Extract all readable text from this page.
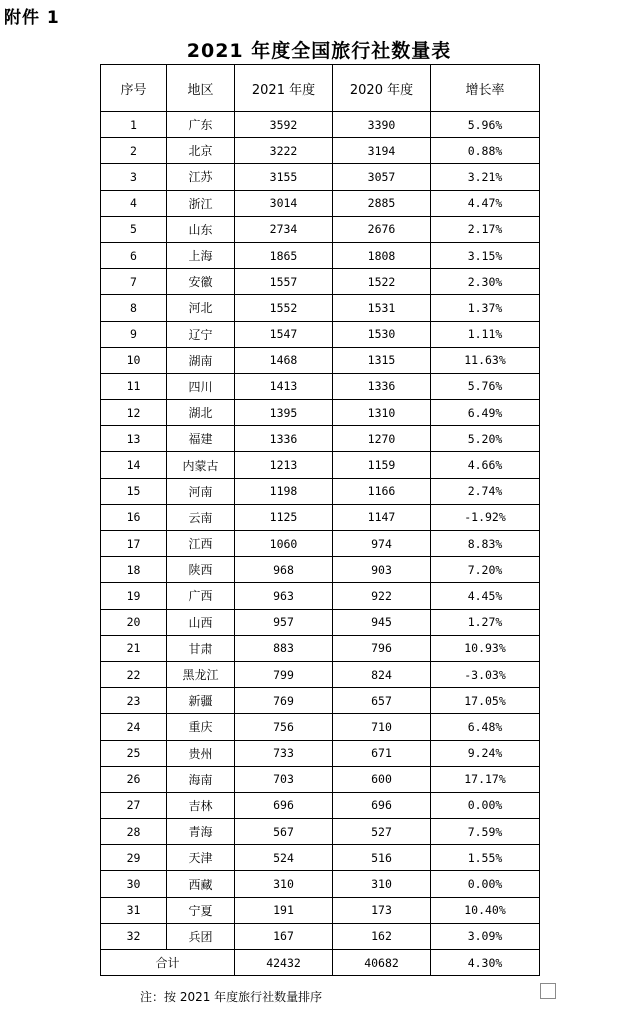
附件 1
2021 年度全国旅行社数量表
序号	地区	2021 年度	2020 年度	增长率
1	广东	3592	3390	5.96%
2	北京	3222	3194	0.88%
3	江苏	3155	3057	3.21%
4	浙江	3014	2885	4.47%
5	山东	2734	2676	2.17%
6	上海	1865	1808	3.15%
7	安徽	1557	1522	2.30%
8	河北	1552	1531	1.37%
9	辽宁	1547	1530	1.11%
10	湖南	1468	1315	11.63%
11	四川	1413	1336	5.76%
12	湖北	1395	1310	6.49%
13	福建	1336	1270	5.20%
14	内蒙古	1213	1159	4.66%
15	河南	1198	1166	2.74%
16	云南	1125	1147	-1.92%
17	江西	1060	974	8.83%
18	陕西	968	903	7.20%
19	广西	963	922	4.45%
20	山西	957	945	1.27%
21	甘肃	883	796	10.93%
22	黑龙江	799	824	-3.03%
23	新疆	769	657	17.05%
24	重庆	756	710	6.48%
25	贵州	733	671	9.24%
26	海南	703	600	17.17%
27	吉林	696	696	0.00%
28	青海	567	527	7.59%
29	天津	524	516	1.55%
30	西藏	310	310	0.00%
31	宁夏	191	173	10.40%
32	兵团	167	162	3.09%
合计		42432	40682	4.30%
注：按 2021 年度旅行社数量排序
